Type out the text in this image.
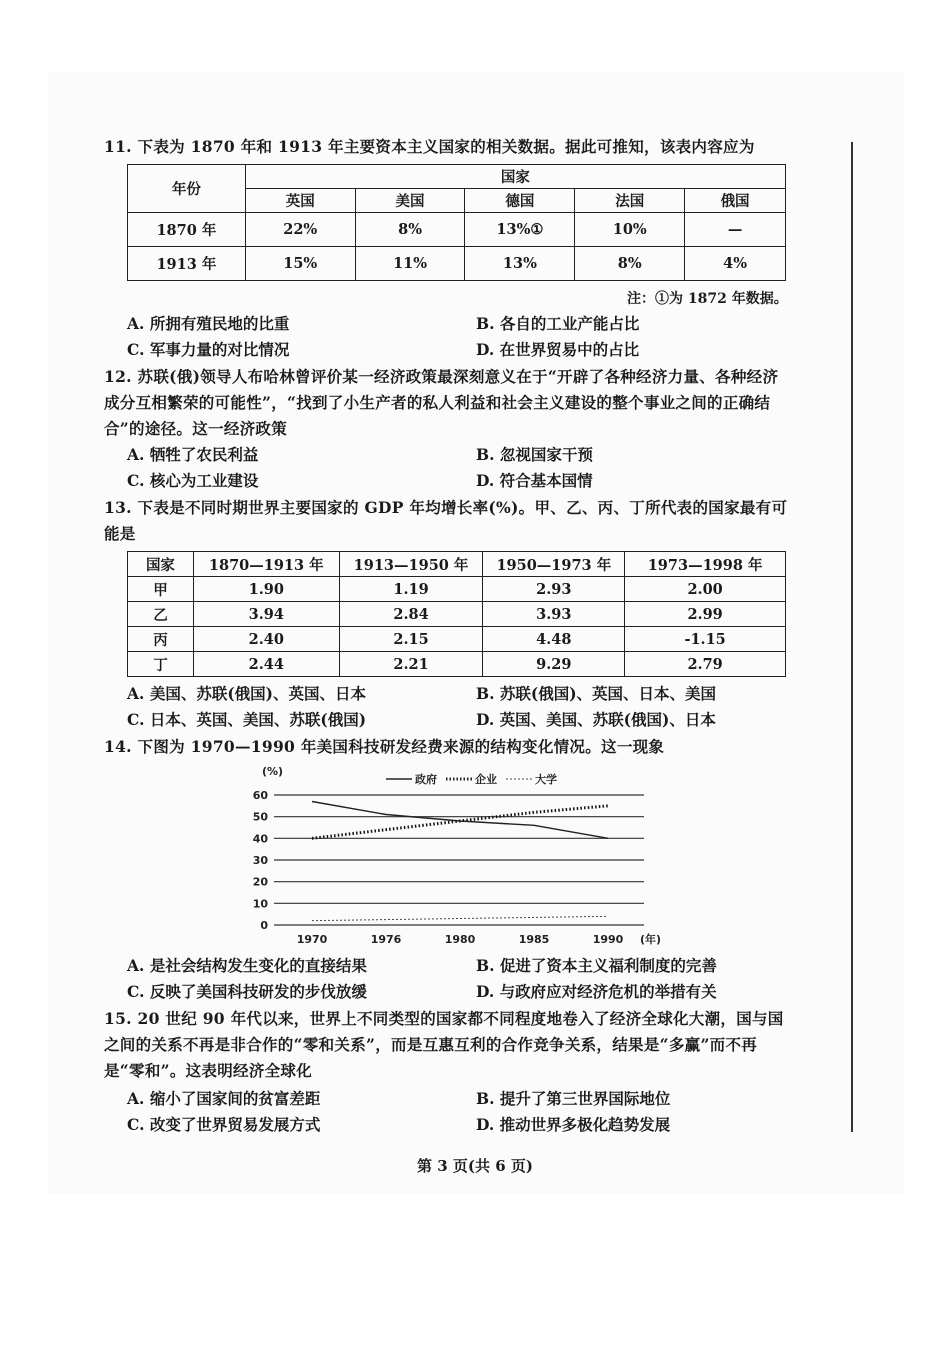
11. 下表为 1870 年和 1913 年主要资本主义国家的相关数据。据此可推知，该表内容应为
年份	国家				
	英国	美国	德国	法国	俄国
1870 年	22%	8%	13%①	10%	—
1913 年	15%	11%	13%	8%	4%
注：①为 1872 年数据。
A. 所拥有殖民地的比重	B. 各自的工业产能占比
C. 军事力量的对比情况	D. 在世界贸易中的占比
12. 苏联(俄)领导人布哈林曾评价某一经济政策最深刻意义在于“开辟了各种经济力量、各种经济成分互相繁荣的可能性”，“找到了小生产者的私人利益和社会主义建设的整个事业之间的正确结合”的途径。这一经济政策
A. 牺牲了农民利益	B. 忽视国家干预
C. 核心为工业建设	D. 符合基本国情
13. 下表是不同时期世界主要国家的 GDP 年均增长率(%)。甲、乙、丙、丁所代表的国家最有可能是
国家	1870—1913 年	1913—1950 年	1950—1973 年	1973—1998 年
甲	1.90	1.19	2.93	2.00
乙	3.94	2.84	3.93	2.99
丙	2.40	2.15	4.48	-1.15
丁	2.44	2.21	9.29	2.79
A. 美国、苏联(俄国)、英国、日本	B. 苏联(俄国)、英国、日本、美国
C. 日本、英国、美国、苏联(俄国)	D. 英国、美国、苏联(俄国)、日本
14. 下图为 1970—1990 年美国科技研发经费来源的结构变化情况。这一现象
(%)
政府	企业	大学
0
10
20
30
40
50
60
1970	1976	1980	1985	1990 (年)
A. 是社会结构发生变化的直接结果	B. 促进了资本主义福利制度的完善
C. 反映了美国科技研发的步伐放缓	D. 与政府应对经济危机的举措有关
15. 20 世纪 90 年代以来，世界上不同类型的国家都不同程度地卷入了经济全球化大潮，国与国之间的关系不再是非合作的“零和关系”，而是互惠互利的合作竞争关系，结果是“多赢”而不再是“零和”。这表明经济全球化
A. 缩小了国家间的贫富差距	B. 提升了第三世界国际地位
C. 改变了世界贸易发展方式	D. 推动世界多极化趋势发展
第 3 页(共 6 页)
